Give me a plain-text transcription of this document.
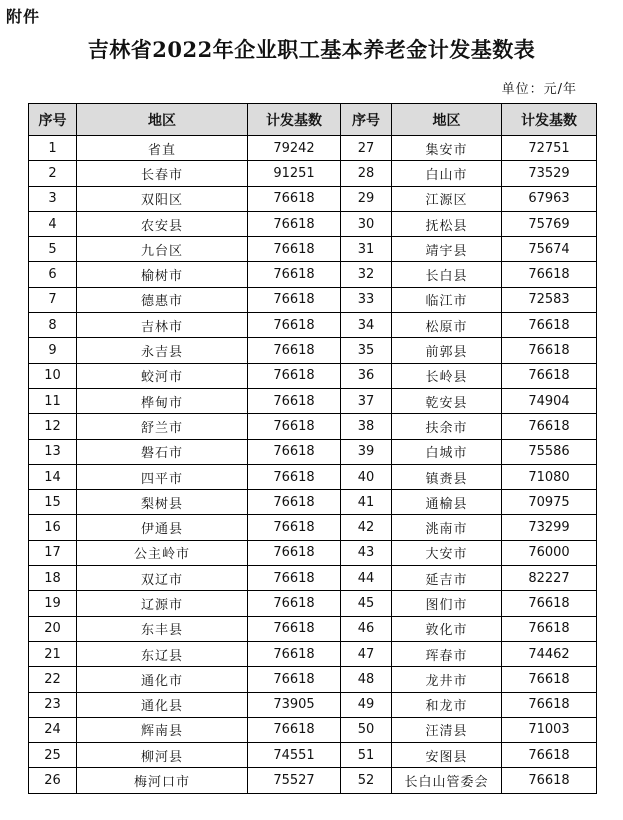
附件
吉林省2022年企业职工基本养老金计发基数表
单位：元/年
序号	地区	计发基数	序号	地区	计发基数
1	省直	79242	27	集安市	72751
2	长春市	91251	28	白山市	73529
3	双阳区	76618	29	江源区	67963
4	农安县	76618	30	抚松县	75769
5	九台区	76618	31	靖宇县	75674
6	榆树市	76618	32	长白县	76618
7	德惠市	76618	33	临江市	72583
8	吉林市	76618	34	松原市	76618
9	永吉县	76618	35	前郭县	76618
10	蛟河市	76618	36	长岭县	76618
11	桦甸市	76618	37	乾安县	74904
12	舒兰市	76618	38	扶余市	76618
13	磐石市	76618	39	白城市	75586
14	四平市	76618	40	镇赉县	71080
15	梨树县	76618	41	通榆县	70975
16	伊通县	76618	42	洮南市	73299
17	公主岭市	76618	43	大安市	76000
18	双辽市	76618	44	延吉市	82227
19	辽源市	76618	45	图们市	76618
20	东丰县	76618	46	敦化市	76618
21	东辽县	76618	47	珲春市	74462
22	通化市	76618	48	龙井市	76618
23	通化县	73905	49	和龙市	76618
24	辉南县	76618	50	汪清县	71003
25	柳河县	74551	51	安图县	76618
26	梅河口市	75527	52	长白山管委会	76618
